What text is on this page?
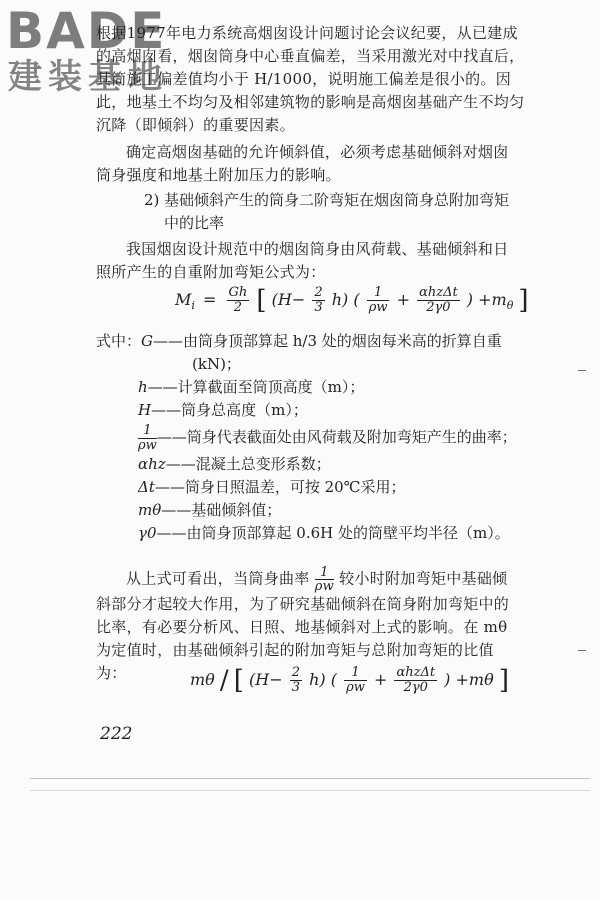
BADE
建装基地
根据1977年电力系统高烟囱设计问题讨论会议纪要，从已建成
的高烟囱看，烟囱筒身中心垂直偏差，当采用激光对中找直后，
其筒施工偏差值均小于 H/1000，说明施工偏差是很小的。因
此，地基土不均匀及相邻建筑物的影响是高烟囱基础产生不均匀
沉降（即倾斜）的重要因素。
确定高烟囱基础的允许倾斜值，必须考虑基础倾斜对烟囱筒身强度和地基土附加压力的影响。
2) 基础倾斜产生的筒身二阶弯矩在烟囱筒身总附加弯矩
中的比率
我国烟囱设计规范中的烟囱筒身由风荷载、基础倾斜和日照所产生的自重附加弯矩公式为：
$M_i = \frac{Gh}{2}$ [ $(H- \frac{2}{3} h)$ ( $\frac{1}{\rho w} + \frac{\text{αhzΔt}}{2\gamma 0}$ ) $+m_\theta$ ]
式中：G——由筒身顶部算起 h/3 处的烟囱每米高的折算自重
(kN)；
h——计算截面至筒顶高度（m）；
H——筒身总高度（m）；
$\frac{1}{\rho w}——$筒身代表截面处由风荷载及附加弯矩产生的曲率；
αhz——混凝土总变形系数；
Δt——筒身日照温差，可按 20℃采用；
mθ——基础倾斜值；
γ0——由筒身顶部算起 0.6H 处的筒壁平均半径（m）。
从上式可看出，当筒身曲率 $\frac{1}{\rho w}$ 较小时附加弯矩中基础倾斜部分才起较大作用，为了研究基础倾斜在筒身附加弯矩中的比率，有必要分析风、日照、地基倾斜对上式的影响。在 mθ 为定值时，由基础倾斜引起的附加弯矩与总附加弯矩的比值为：	mθ / [ $(H- \frac{2}{3} h)$ ( $\frac{1}{\rho w} + \frac{\text{αhzΔt}}{2\gamma 0}$ ) +mθ ]
222
